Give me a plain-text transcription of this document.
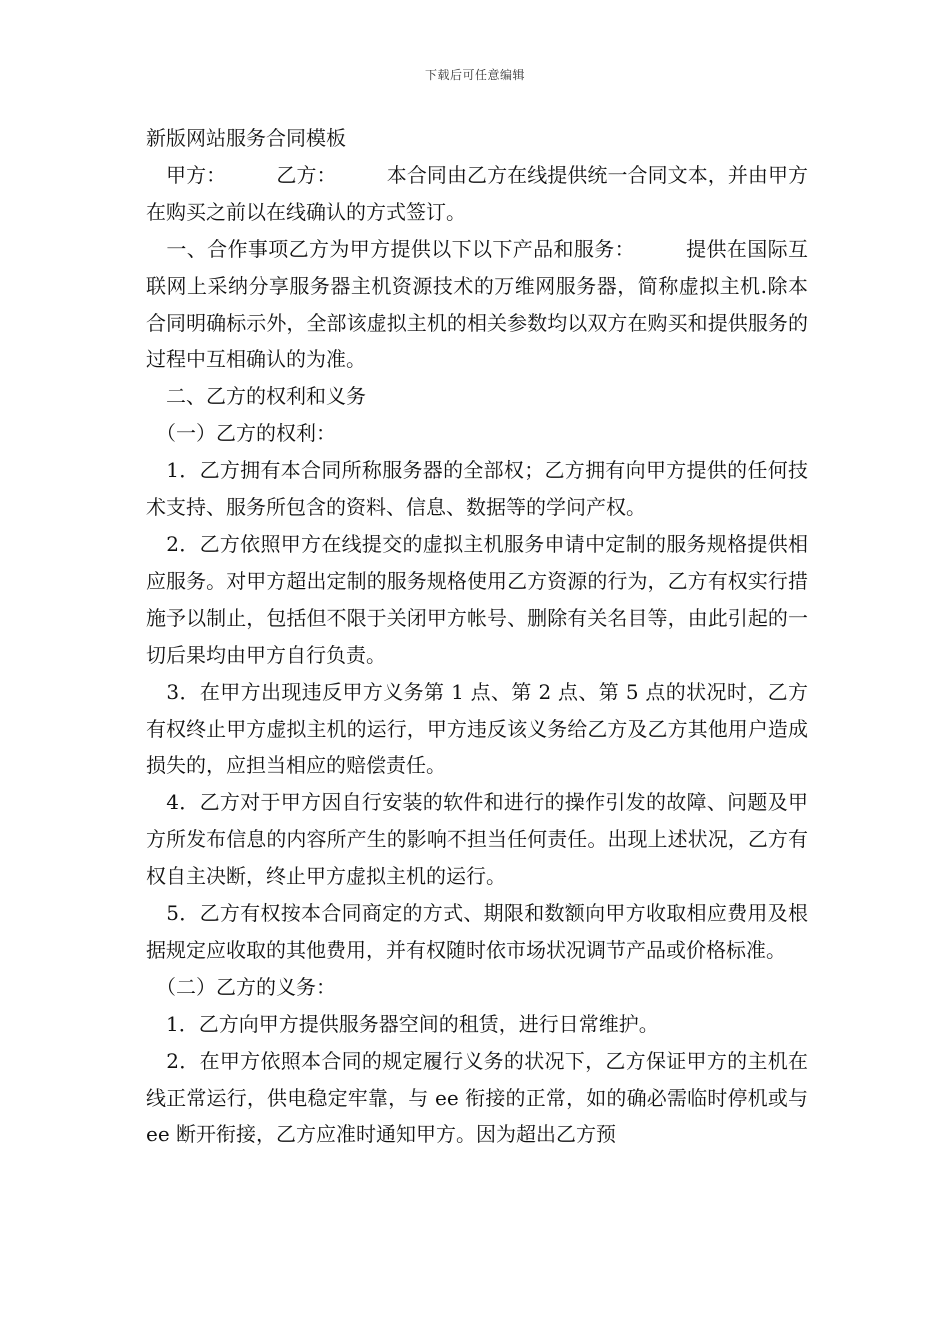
下载后可任意编辑

新版网站服务合同模板

　甲方：　　　乙方：　　　本合同由乙方在线提供统一合同文本，并由甲方在购买之前以在线确认的方式签订。

　一、合作事项乙方为甲方提供以下以下产品和服务：　　　提供在国际互联网上采纳分享服务器主机资源技术的万维网服务器，简称虚拟主机.除本合同明确标示外，全部该虚拟主机的相关参数均以双方在购买和提供服务的过程中互相确认的为准。

　二、乙方的权利和义务

　（一）乙方的权利：

　1．乙方拥有本合同所称服务器的全部权；乙方拥有向甲方提供的任何技术支持、服务所包含的资料、信息、数据等的学问产权。

　2．乙方依照甲方在线提交的虚拟主机服务申请中定制的服务规格提供相应服务。对甲方超出定制的服务规格使用乙方资源的行为，乙方有权实行措施予以制止，包括但不限于关闭甲方帐号、删除有关名目等，由此引起的一切后果均由甲方自行负责。

　3．在甲方出现违反甲方义务第 1 点、第 2 点、第 5 点的状况时，乙方有权终止甲方虚拟主机的运行，甲方违反该义务给乙方及乙方其他用户造成损失的，应担当相应的赔偿责任。

　4．乙方对于甲方因自行安装的软件和进行的操作引发的故障、问题及甲方所发布信息的内容所产生的影响不担当任何责任。出现上述状况，乙方有权自主决断，终止甲方虚拟主机的运行。

　5．乙方有权按本合同商定的方式、期限和数额向甲方收取相应费用及根据规定应收取的其他费用，并有权随时依市场状况调节产品或价格标准。

　（二）乙方的义务：

　1．乙方向甲方提供服务器空间的租赁，进行日常维护。

　2．在甲方依照本合同的规定履行义务的状况下，乙方保证甲方的主机在线正常运行，供电稳定牢靠，与 ee 衔接的正常，如的确必需临时停机或与 ee 断开衔接，乙方应准时通知甲方。因为超出乙方预
